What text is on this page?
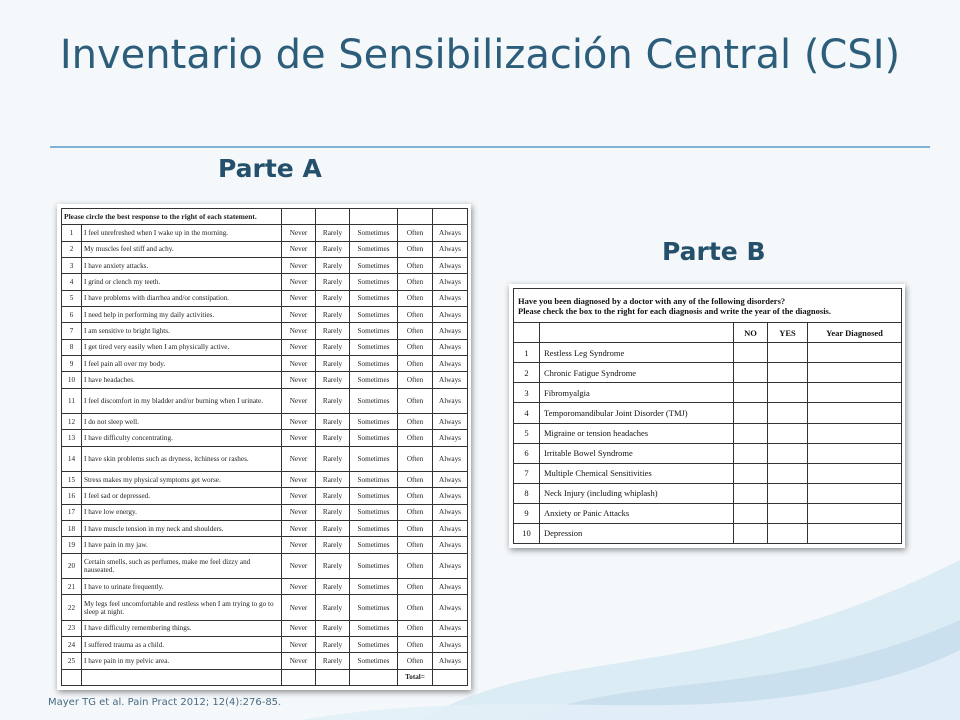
Inventario de Sensibilización Central (CSI)
Parte A
Parte B
Please circle the best response to the right of each statement.						
1	I feel unrefreshed when I wake up in the morning.	Never	Rarely	Sometimes	Often	Always
2	My muscles feel stiff and achy.	Never	Rarely	Sometimes	Often	Always
3	I have anxiety attacks.	Never	Rarely	Sometimes	Often	Always
4	I grind or clench my teeth.	Never	Rarely	Sometimes	Often	Always
5	I have problems with diarrhea and/or constipation.	Never	Rarely	Sometimes	Often	Always
6	I need help in performing my daily activities.	Never	Rarely	Sometimes	Often	Always
7	I am sensitive to bright lights.	Never	Rarely	Sometimes	Often	Always
8	I get tired very easily when I am physically active.	Never	Rarely	Sometimes	Often	Always
9	I feel pain all over my body.	Never	Rarely	Sometimes	Often	Always
10	I have headaches.	Never	Rarely	Sometimes	Often	Always
11	I feel discomfort in my bladder and/or burning when I urinate.	Never	Rarely	Sometimes	Often	Always
12	I do not sleep well.	Never	Rarely	Sometimes	Often	Always
13	I have difficulty concentrating.	Never	Rarely	Sometimes	Often	Always
14	I have skin problems such as dryness, itchiness or rashes.	Never	Rarely	Sometimes	Often	Always
15	Stress makes my physical symptoms get worse.	Never	Rarely	Sometimes	Often	Always
16	I feel sad or depressed.	Never	Rarely	Sometimes	Often	Always
17	I have low energy.	Never	Rarely	Sometimes	Often	Always
18	I have muscle tension in my neck and shoulders.	Never	Rarely	Sometimes	Often	Always
19	I have pain in my jaw.	Never	Rarely	Sometimes	Often	Always
20	Certain smells, such as perfumes, make me feel dizzy and nauseated.	Never	Rarely	Sometimes	Often	Always
21	I have to urinate frequently.	Never	Rarely	Sometimes	Often	Always
22	My legs feel uncomfortable and restless when I am trying to go to sleep at night.	Never	Rarely	Sometimes	Often	Always
23	I have difficulty remembering things.	Never	Rarely	Sometimes	Often	Always
24	I suffered trauma as a child.	Never	Rarely	Sometimes	Often	Always
25	I have pain in my pelvic area.	Never	Rarely	Sometimes	Often	Always
					Total=	
Have you been diagnosed by a doctor with any of the following disorders?
Please check the box to the right for each diagnosis and write the year of the diagnosis.				

		NO	YES	Year Diagnosed
1	Restless Leg Syndrome			
2	Chronic Fatigue Syndrome			
3	Fibromyalgia			
4	Temporomandibular Joint Disorder (TMJ)			
5	Migraine or tension headaches			
6	Irritable Bowel Syndrome			
7	Multiple Chemical Sensitivities			
8	Neck Injury (including whiplash)			
9	Anxiety or Panic Attacks			
10	Depression			
Mayer TG et al. Pain Pract 2012; 12(4):276-85.
